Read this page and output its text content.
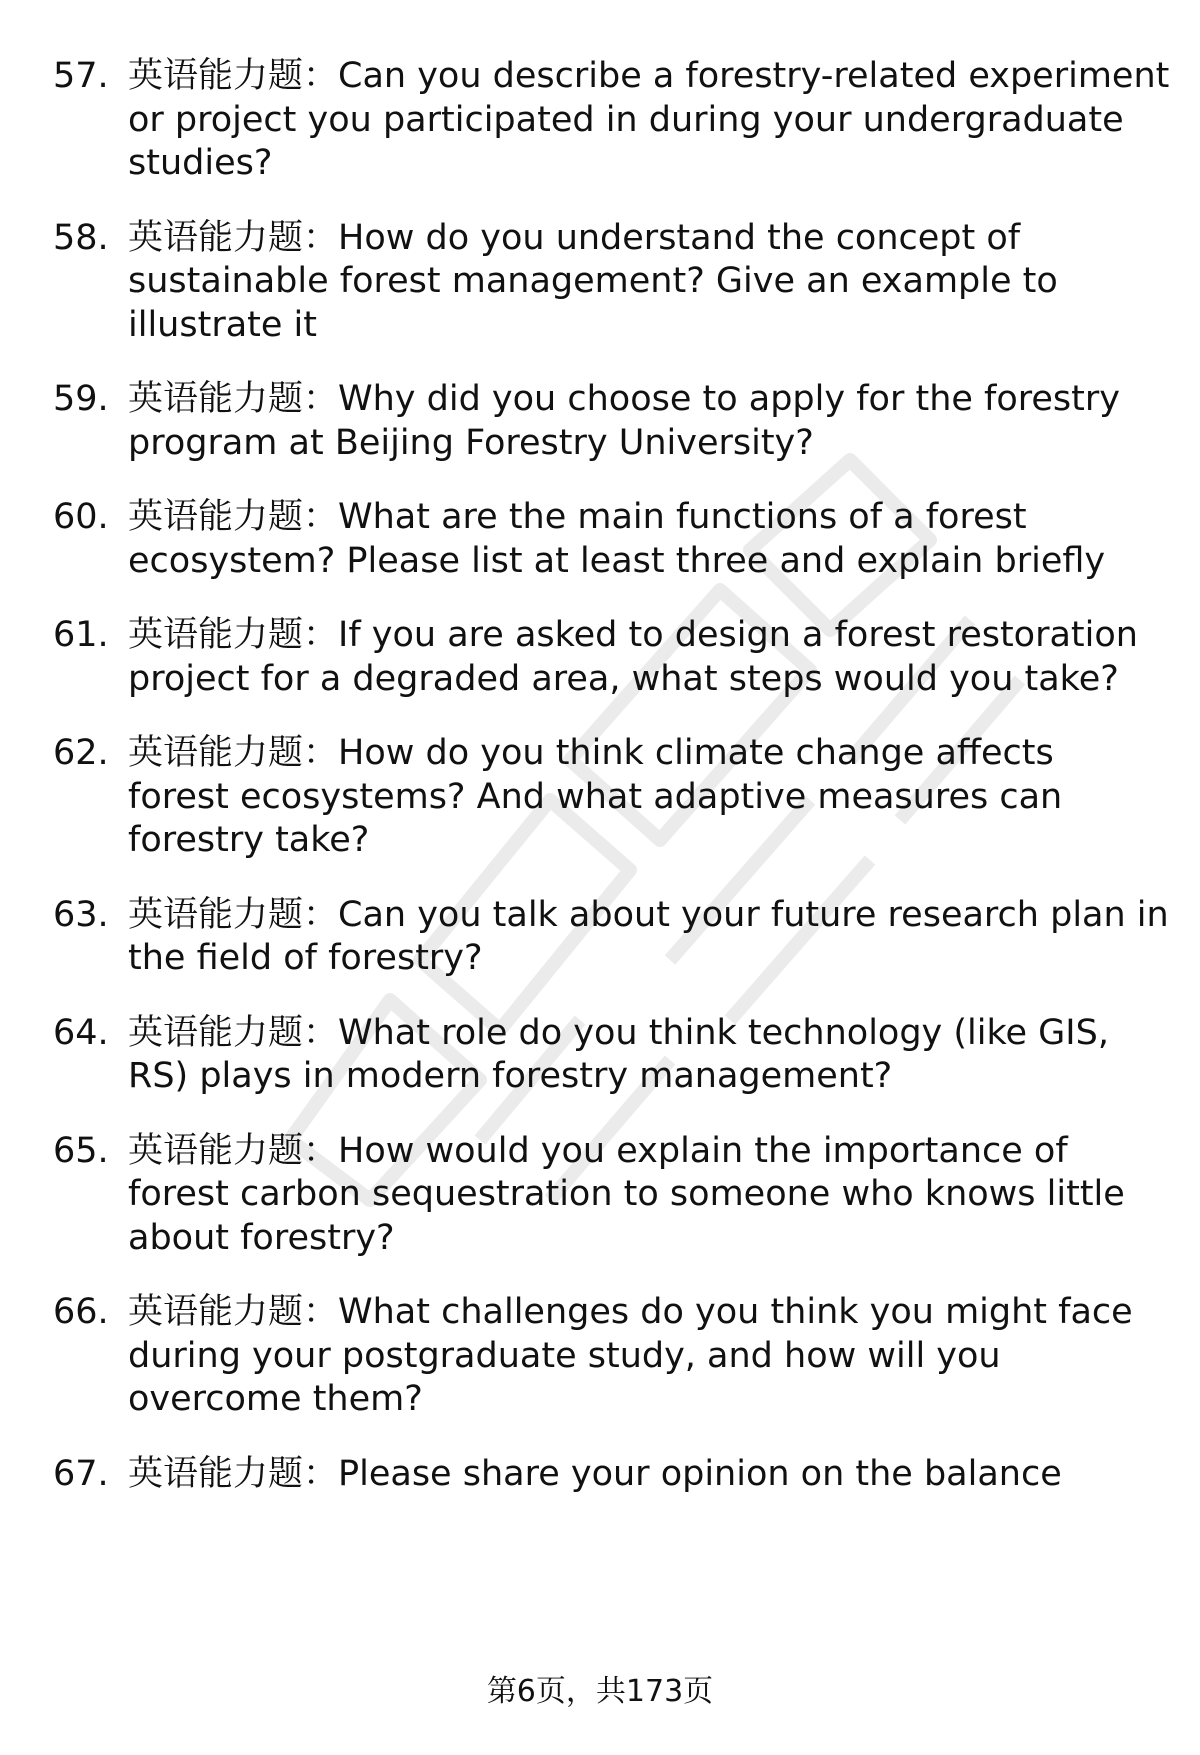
57. 英语能力题：Can you describe a forestry-related experiment
or project you participated in during your undergraduate
studies?
58. 英语能力题：How do you understand the concept of
sustainable forest management? Give an example to
illustrate it
59. 英语能力题：Why did you choose to apply for the forestry
program at Beijing Forestry University?
60. 英语能力题：What are the main functions of a forest
ecosystem? Please list at least three and explain briefly
61. 英语能力题：If you are asked to design a forest restoration
project for a degraded area, what steps would you take?
62. 英语能力题：How do you think climate change affects
forest ecosystems? And what adaptive measures can
forestry take?
63. 英语能力题：Can you talk about your future research plan in
the field of forestry?
64. 英语能力题：What role do you think technology (like GIS,
RS) plays in modern forestry management?
65. 英语能力题：How would you explain the importance of
forest carbon sequestration to someone who knows little
about forestry?
66. 英语能力题：What challenges do you think you might face
during your postgraduate study, and how will you
overcome them?
67. 英语能力题：Please share your opinion on the balance
第6页，共173页
